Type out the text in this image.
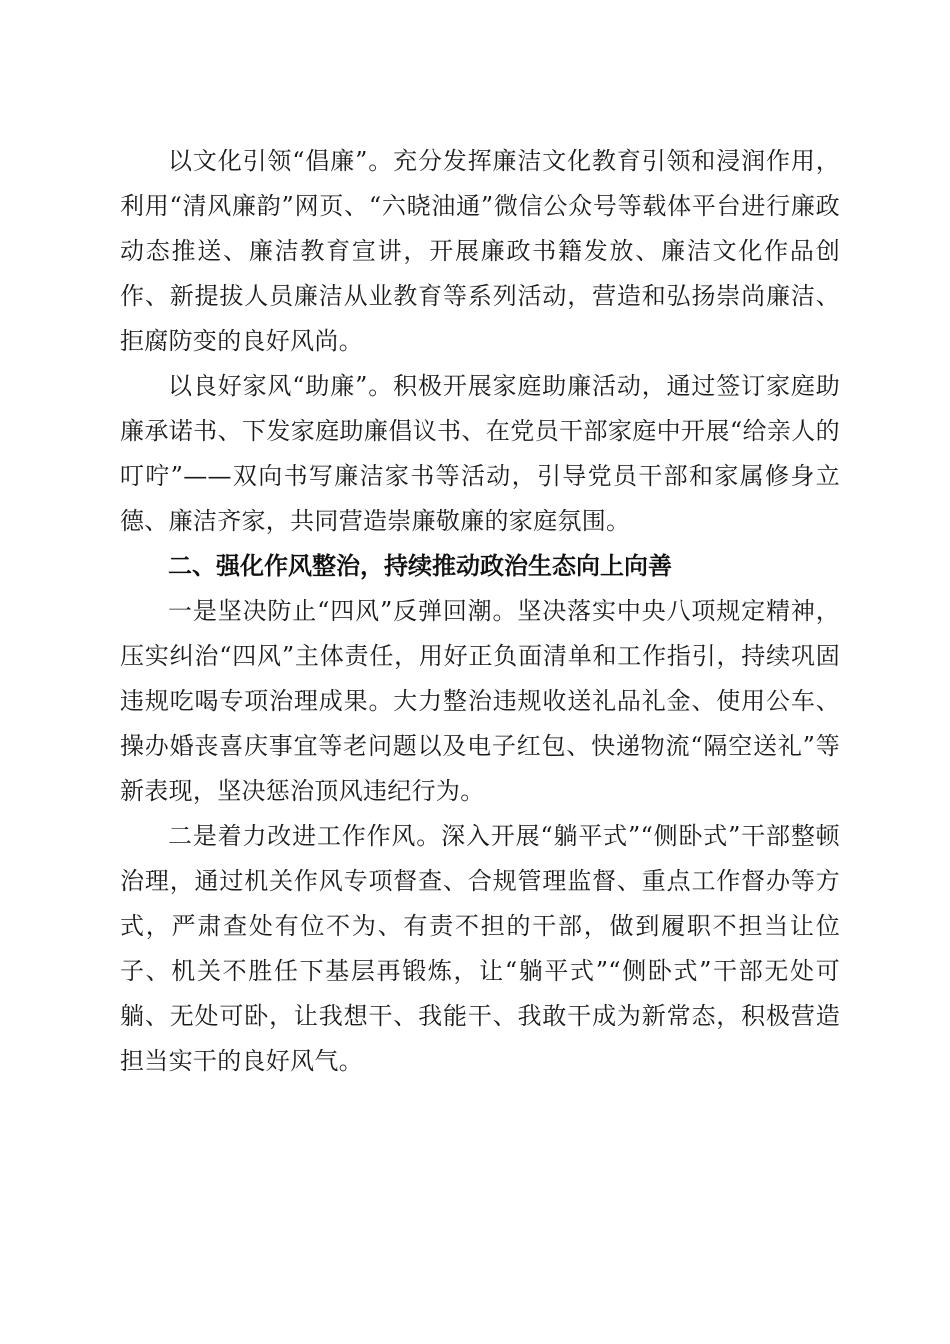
以文化引领“倡廉”。充分发挥廉洁文化教育引领和浸润作用，利用“清风廉韵”网页、“六晓油通”微信公众号等载体平台进行廉政动态推送、廉洁教育宣讲，开展廉政书籍发放、廉洁文化作品创作、新提拔人员廉洁从业教育等系列活动，营造和弘扬崇尚廉洁、拒腐防变的良好风尚。

以良好家风“助廉”。积极开展家庭助廉活动，通过签订家庭助廉承诺书、下发家庭助廉倡议书、在党员干部家庭中开展“给亲人的叮咛”——双向书写廉洁家书等活动，引导党员干部和家属修身立德、廉洁齐家，共同营造崇廉敬廉的家庭氛围。

二、强化作风整治，持续推动政治生态向上向善

一是坚决防止“四风”反弹回潮。坚决落实中央八项规定精神，压实纠治“四风”主体责任，用好正负面清单和工作指引，持续巩固违规吃喝专项治理成果。大力整治违规收送礼品礼金、使用公车、操办婚丧喜庆事宜等老问题以及电子红包、快递物流“隔空送礼”等新表现，坚决惩治顶风违纪行为。

二是着力改进工作作风。深入开展“躺平式”“侧卧式”干部整顿治理，通过机关作风专项督查、合规管理监督、重点工作督办等方式，严肃查处有位不为、有责不担的干部，做到履职不担当让位子、机关不胜任下基层再锻炼，让“躺平式”“侧卧式”干部无处可躺、无处可卧，让我想干、我能干、我敢干成为新常态，积极营造担当实干的良好风气。
